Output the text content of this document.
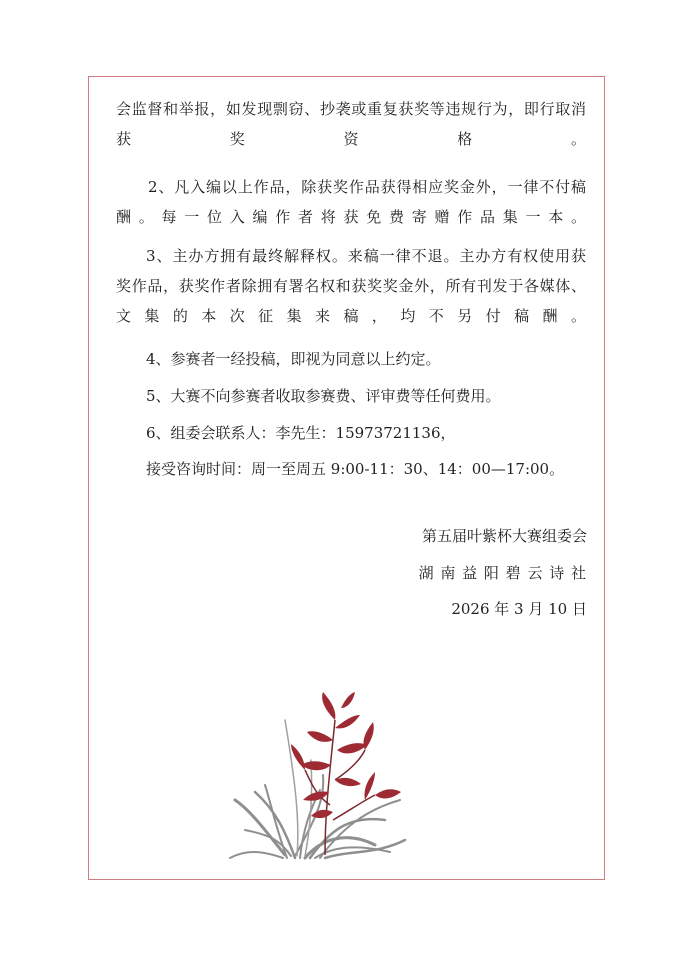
会监督和举报，如发现剽窃、抄袭或重复获奖等违规行为，即行取消
获奖资格。

2、凡入编以上作品，除获奖作品获得相应奖金外，一律不付稿
酬。每一位入编作者将获免费寄赠作品集一本。

3、主办方拥有最终解释权。来稿一律不退。主办方有权使用获
奖作品，获奖作者除拥有署名权和获奖奖金外，所有刊发于各媒体、
文集的本次征集来稿，均不另付稿酬。

4、参赛者一经投稿，即视为同意以上约定。

5、大赛不向参赛者收取参赛费、评审费等任何费用。

6、组委会联系人：李先生：15973721136，

接受咨询时间：周一至周五 9:00-11：30、14：00—17:00。

第五届叶紫杯大赛组委会

湖 南 益 阳 碧 云 诗 社

2026 年 3 月 10 日
